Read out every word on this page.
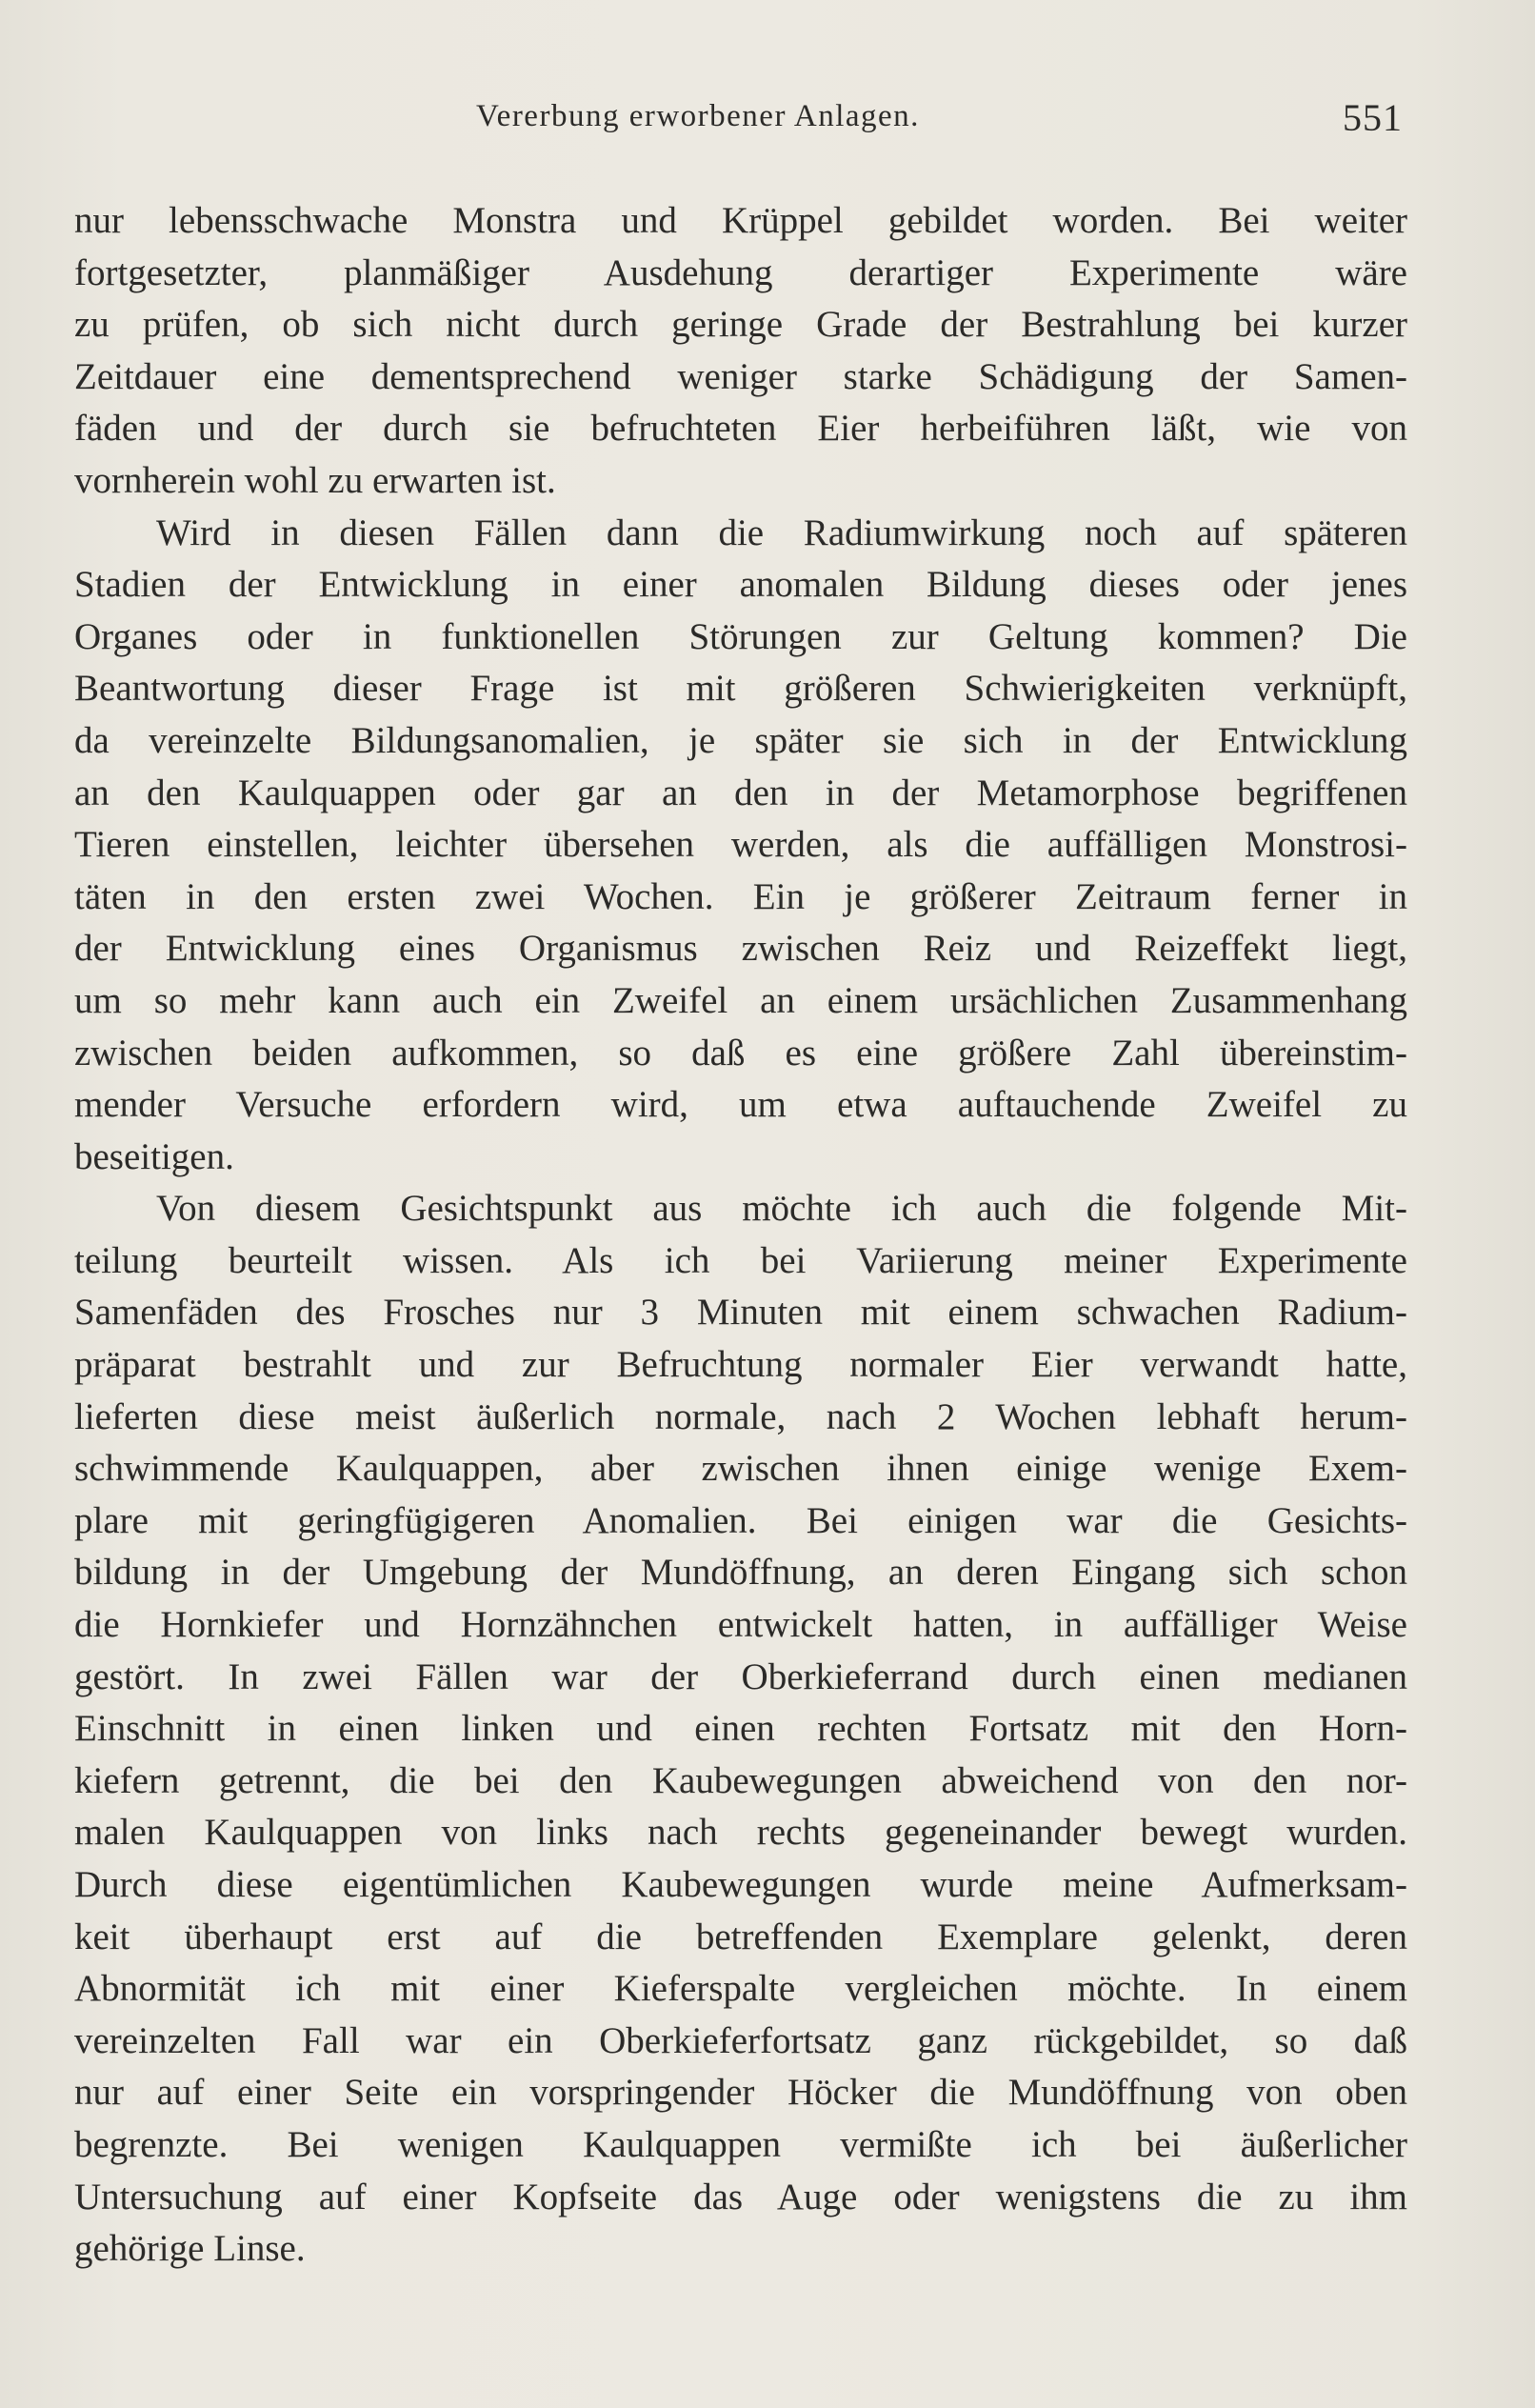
Vererbung erworbener Anlagen.	551
nur lebensschwache Monstra und Krüppel gebildet worden. Bei weiter
fortgesetzter, planmäßiger Ausdehung derartiger Experimente wäre
zu prüfen, ob sich nicht durch geringe Grade der Bestrahlung bei kurzer
Zeitdauer eine dementsprechend weniger starke Schädigung der Samen-
fäden und der durch sie befruchteten Eier herbeiführen läßt, wie von
vornherein wohl zu erwarten ist.
Wird in diesen Fällen dann die Radiumwirkung noch auf späteren
Stadien der Entwicklung in einer anomalen Bildung dieses oder jenes
Organes oder in funktionellen Störungen zur Geltung kommen? Die
Beantwortung dieser Frage ist mit größeren Schwierigkeiten verknüpft,
da vereinzelte Bildungsanomalien, je später sie sich in der Entwicklung
an den Kaulquappen oder gar an den in der Metamorphose begriffenen
Tieren einstellen, leichter übersehen werden, als die auffälligen Monstrosi-
täten in den ersten zwei Wochen. Ein je größerer Zeitraum ferner in
der Entwicklung eines Organismus zwischen Reiz und Reizeffekt liegt,
um so mehr kann auch ein Zweifel an einem ursächlichen Zusammenhang
zwischen beiden aufkommen, so daß es eine größere Zahl übereinstim-
mender Versuche erfordern wird, um etwa auftauchende Zweifel zu
beseitigen.
Von diesem Gesichtspunkt aus möchte ich auch die folgende Mit-
teilung beurteilt wissen. Als ich bei Variierung meiner Experimente
Samenfäden des Frosches nur 3 Minuten mit einem schwachen Radium-
präparat bestrahlt und zur Befruchtung normaler Eier verwandt hatte,
lieferten diese meist äußerlich normale, nach 2 Wochen lebhaft herum-
schwimmende Kaulquappen, aber zwischen ihnen einige wenige Exem-
plare mit geringfügigeren Anomalien. Bei einigen war die Gesichts-
bildung in der Umgebung der Mundöffnung, an deren Eingang sich schon
die Hornkiefer und Hornzähnchen entwickelt hatten, in auffälliger Weise
gestört. In zwei Fällen war der Oberkieferrand durch einen medianen
Einschnitt in einen linken und einen rechten Fortsatz mit den Horn-
kiefern getrennt, die bei den Kaubewegungen abweichend von den nor-
malen Kaulquappen von links nach rechts gegeneinander bewegt wurden.
Durch diese eigentümlichen Kaubewegungen wurde meine Aufmerksam-
keit überhaupt erst auf die betreffenden Exemplare gelenkt, deren
Abnormität ich mit einer Kieferspalte vergleichen möchte. In einem
vereinzelten Fall war ein Oberkieferfortsatz ganz rückgebildet, so daß
nur auf einer Seite ein vorspringender Höcker die Mundöffnung von oben
begrenzte. Bei wenigen Kaulquappen vermißte ich bei äußerlicher
Untersuchung auf einer Kopfseite das Auge oder wenigstens die zu ihm
gehörige Linse.
